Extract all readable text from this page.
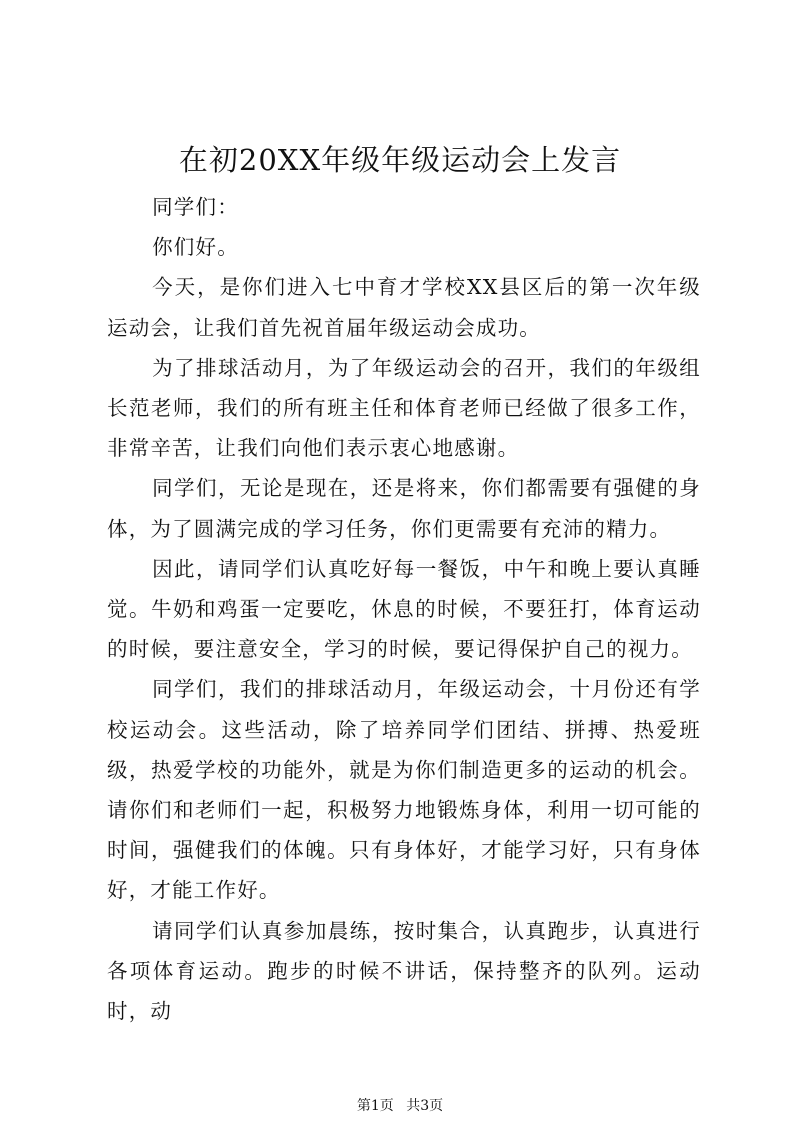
在初20XX年级年级运动会上发言

同学们：

你们好。

今天，是你们进入七中育才学校XX县区后的第一次年级运动会，让我们首先祝首届年级运动会成功。

为了排球活动月，为了年级运动会的召开，我们的年级组长范老师，我们的所有班主任和体育老师已经做了很多工作，非常辛苦，让我们向他们表示衷心地感谢。

同学们，无论是现在，还是将来，你们都需要有强健的身体，为了圆满完成的学习任务，你们更需要有充沛的精力。

因此，请同学们认真吃好每一餐饭，中午和晚上要认真睡觉。牛奶和鸡蛋一定要吃，休息的时候，不要狂打，体育运动的时候，要注意安全，学习的时候，要记得保护自己的视力。

同学们，我们的排球活动月，年级运动会，十月份还有学校运动会。这些活动，除了培养同学们团结、拼搏、热爱班级，热爱学校的功能外，就是为你们制造更多的运动的机会。请你们和老师们一起，积极努力地锻炼身体，利用一切可能的时间，强健我们的体魄。只有身体好，才能学习好，只有身体好，才能工作好。

请同学们认真参加晨练，按时集合，认真跑步，认真进行各项体育运动。跑步的时候不讲话，保持整齐的队列。运动时，动

第1页 共3页
